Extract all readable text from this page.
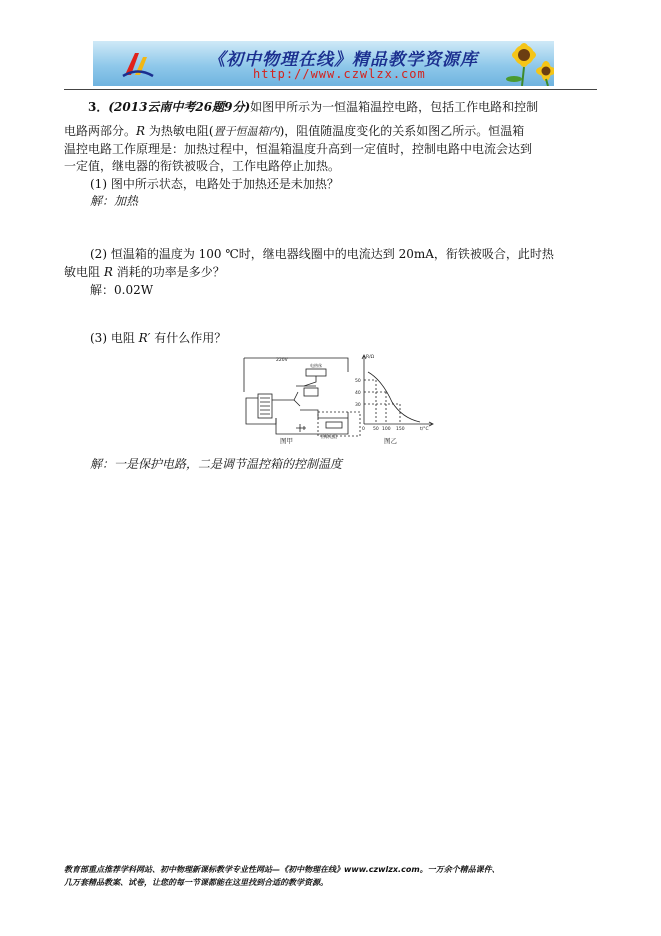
《初中物理在线》精品教学资源库
http://www.czwlzx.com
3．(2013云南中考26题9分)如图甲所示为一恒温箱温控电路，包括工作电路和控制
电路两部分。R 为热敏电阻(置于恒温箱内)，阻值随温度变化的关系如图乙所示。恒温箱
温控电路工作原理是：加热过程中，恒温箱温度升高到一定值时，控制电路中电流会达到
一定值，继电器的衔铁被吸合，工作电路停止加热。
(1) 图中所示状态，电路处于加热还是未加热？
解：加热
(2) 恒温箱的温度为 100 ℃时，继电器线圈中的电流达到 20mA，衔铁被吸合，此时热
敏电阻 R 消耗的功率是多少？
解：0.02W
(3) 电阻 R′ 有什么作用？
220V
电热丝
热敏电阻
R/Ω
t/°C
50
40
30
0 50 100 150
图甲	图乙
解：一是保护电路，二是调节温控箱的控制温度
教育部重点推荐学科网站、初中物理新课标教学专业性网站—《初中物理在线》www.czwlzx.com。一万余个精品课件、
几万套精品教案、试卷，让您的每一节课都能在这里找到合适的教学资源。
